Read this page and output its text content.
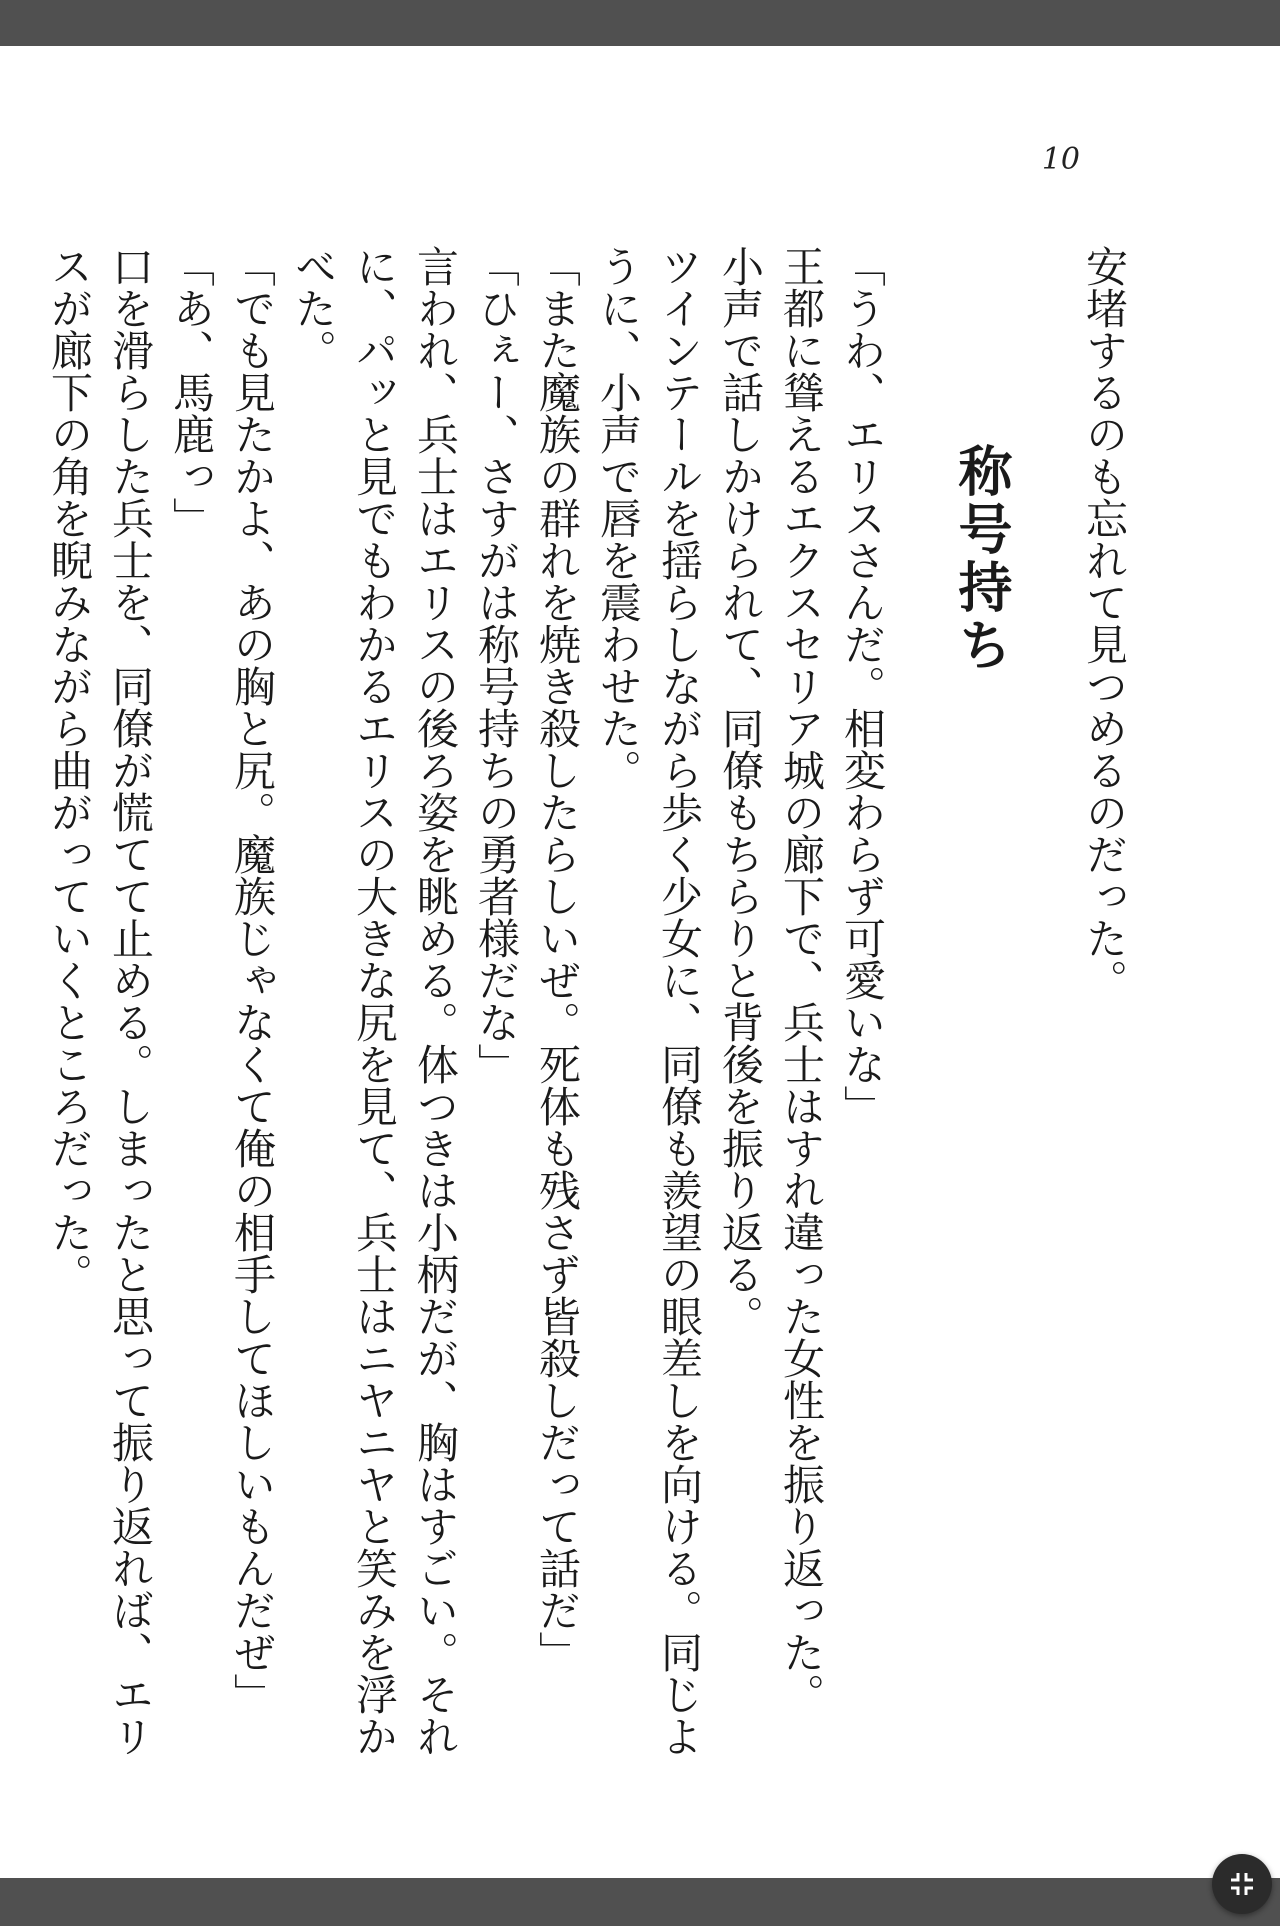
10

安堵するのも忘れて見つめるのだった。

称号持ち

「うわ、エリスさんだ。相変わらず可愛いな」

王都に聳えるエクスセリア城の廊下で、兵士はすれ違った女性を振り返った。

小声で話しかけられて、同僚もちらりと背後を振り返る。

ツインテールを揺らしながら歩く少女に、同僚も羨望の眼差しを向ける。同じように、小声で唇を震わせた。

「また魔族の群れを焼き殺したらしいぜ。死体も残さず皆殺しだって話だ」

「ひぇー、さすがは称号持ちの勇者様だな」

言われ、兵士はエリスの後ろ姿を眺める。体つきは小柄だが、胸はすごい。それに、パッと見でもわかるエリスの大きな尻を見て、兵士はニヤニヤと笑みを浮かべた。

「でも見たかよ、あの胸と尻。魔族じゃなくて俺の相手してほしいもんだぜ」

「あ、馬鹿っ」

口を滑らした兵士を、同僚が慌てて止める。しまったと思って振り返れば、エリスが廊下の角を睨みながら曲がっていくところだった。
